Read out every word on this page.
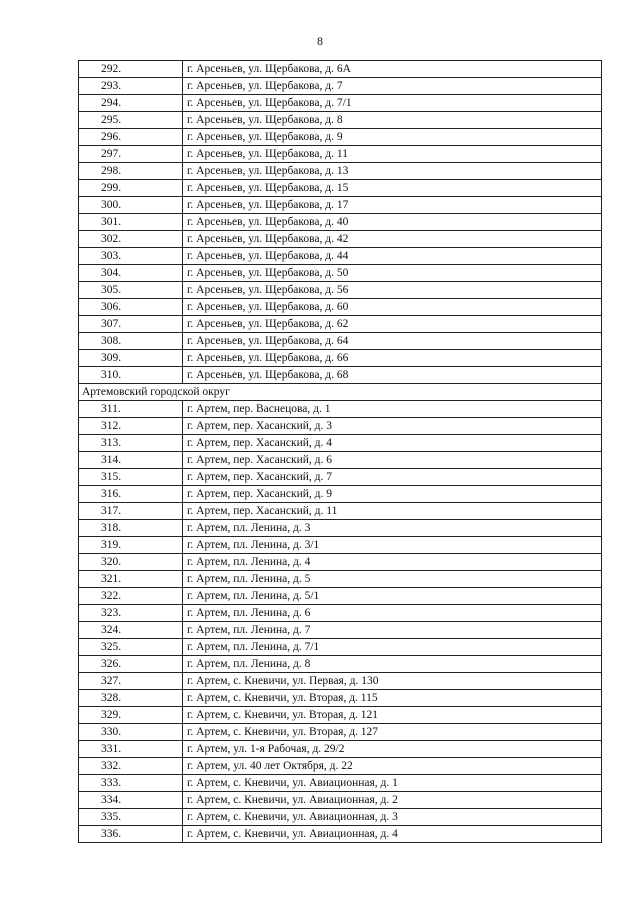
8
292.	г. Арсеньев, ул. Щербакова, д. 6А
293.	г. Арсеньев, ул. Щербакова, д. 7
294.	г. Арсеньев, ул. Щербакова, д. 7/1
295.	г. Арсеньев, ул. Щербакова, д. 8
296.	г. Арсеньев, ул. Щербакова, д. 9
297.	г. Арсеньев, ул. Щербакова, д. 11
298.	г. Арсеньев, ул. Щербакова, д. 13
299.	г. Арсеньев, ул. Щербакова, д. 15
300.	г. Арсеньев, ул. Щербакова, д. 17
301.	г. Арсеньев, ул. Щербакова, д. 40
302.	г. Арсеньев, ул. Щербакова, д. 42
303.	г. Арсеньев, ул. Щербакова, д. 44
304.	г. Арсеньев, ул. Щербакова, д. 50
305.	г. Арсеньев, ул. Щербакова, д. 56
306.	г. Арсеньев, ул. Щербакова, д. 60
307.	г. Арсеньев, ул. Щербакова, д. 62
308.	г. Арсеньев, ул. Щербакова, д. 64
309.	г. Арсеньев, ул. Щербакова, д. 66
310.	г. Арсеньев, ул. Щербакова, д. 68
Артемовский городской округ	
311.	г. Артем, пер. Васнецова, д. 1
312.	г. Артем, пер. Хасанский, д. 3
313.	г. Артем, пер. Хасанский, д. 4
314.	г. Артем, пер. Хасанский, д. 6
315.	г. Артем, пер. Хасанский, д. 7
316.	г. Артем, пер. Хасанский, д. 9
317.	г. Артем, пер. Хасанский, д. 11
318.	г. Артем, пл. Ленина, д. 3
319.	г. Артем, пл. Ленина, д. 3/1
320.	г. Артем, пл. Ленина, д. 4
321.	г. Артем, пл. Ленина, д. 5
322.	г. Артем, пл. Ленина, д. 5/1
323.	г. Артем, пл. Ленина, д. 6
324.	г. Артем, пл. Ленина, д. 7
325.	г. Артем, пл. Ленина, д. 7/1
326.	г. Артем, пл. Ленина, д. 8
327.	г. Артем, с. Кневичи, ул. Первая, д. 130
328.	г. Артем, с. Кневичи, ул. Вторая, д. 115
329.	г. Артем, с. Кневичи, ул. Вторая, д. 121
330.	г. Артем, с. Кневичи, ул. Вторая, д. 127
331.	г. Артем, ул. 1-я Рабочая, д. 29/2
332.	г. Артем, ул. 40 лет Октября, д. 22
333.	г. Артем, с. Кневичи, ул. Авиационная, д. 1
334.	г. Артем, с. Кневичи, ул. Авиационная, д. 2
335.	г. Артем, с. Кневичи, ул. Авиационная, д. 3
336.	г. Артем, с. Кневичи, ул. Авиационная, д. 4
